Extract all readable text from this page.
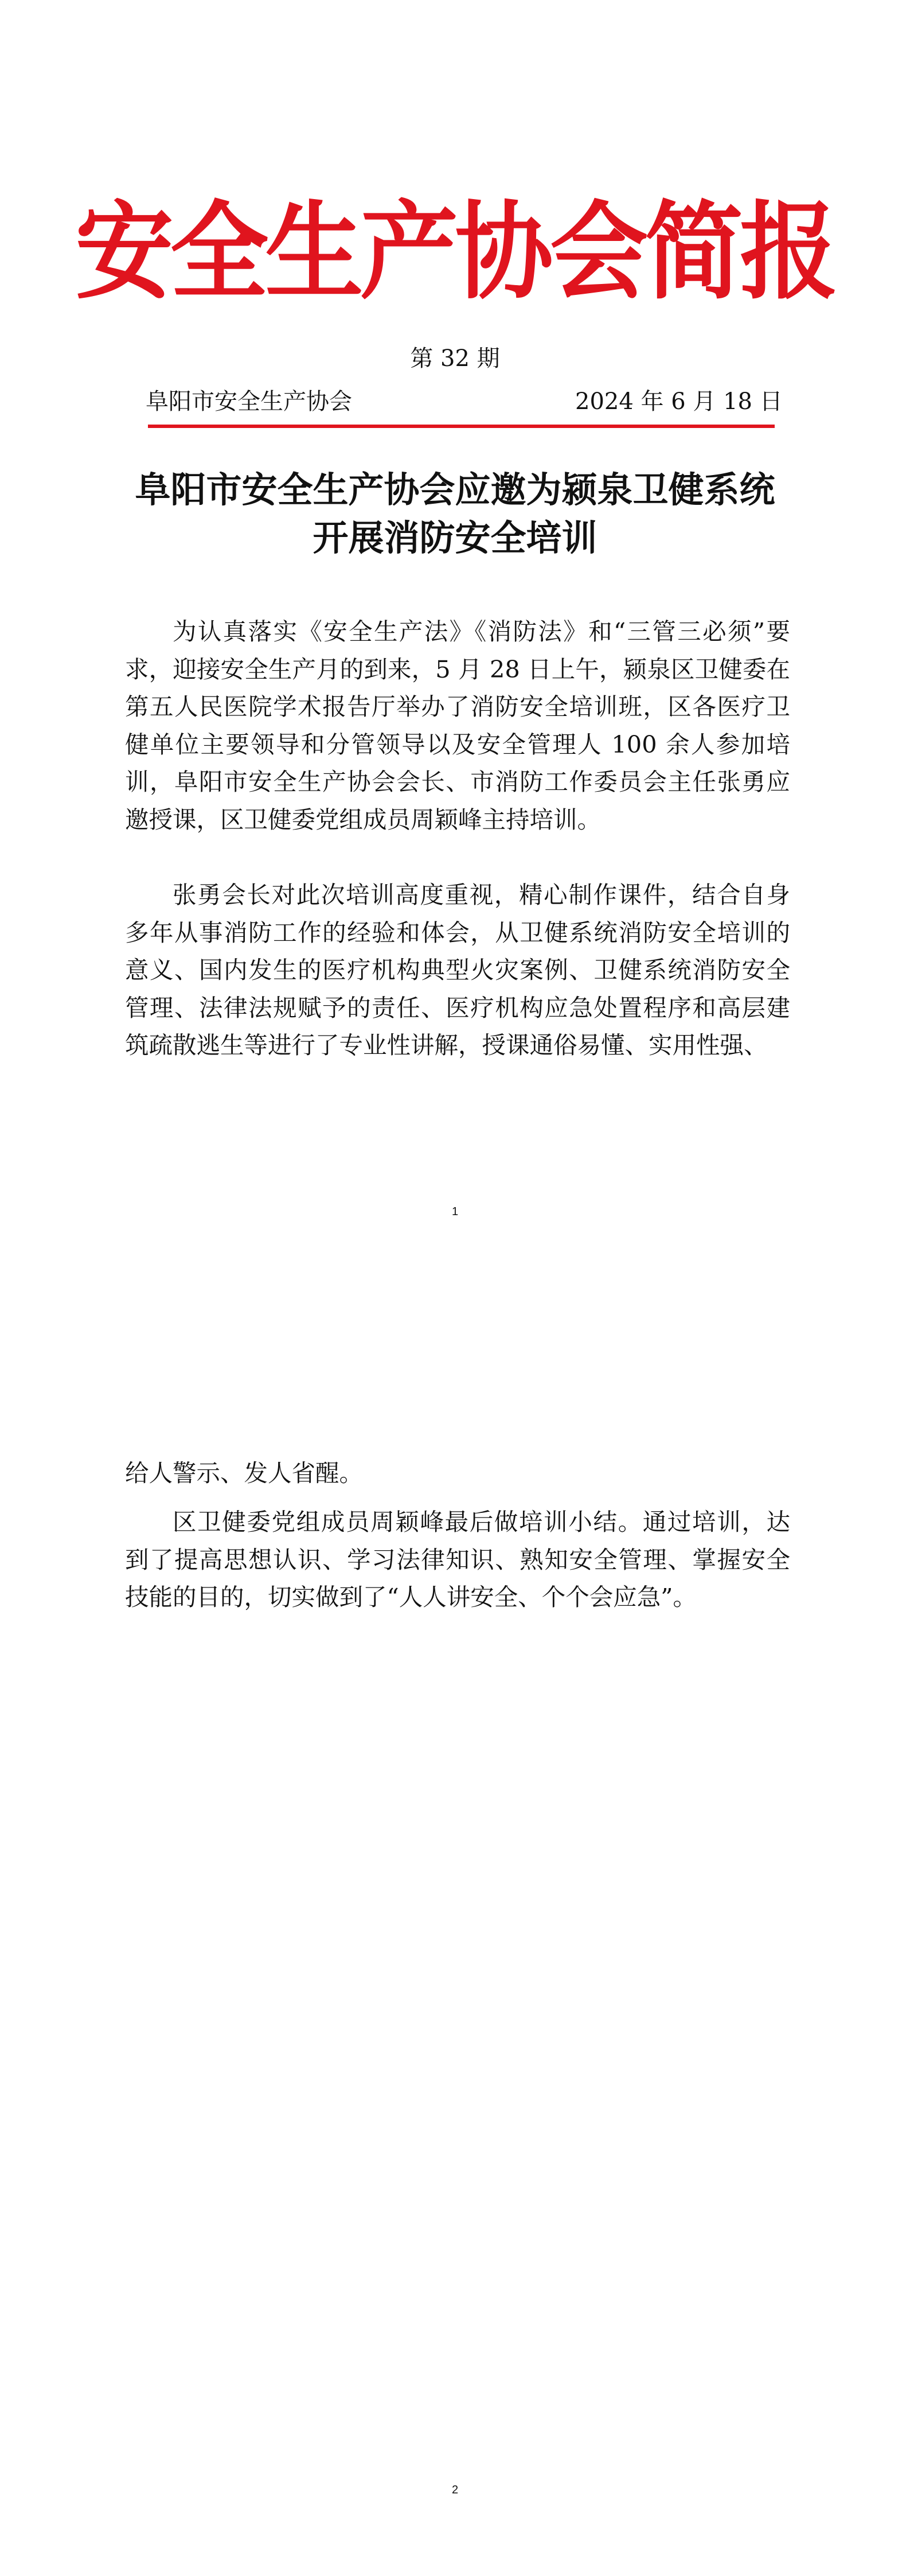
安全生产协会简报
第 32 期
阜阳市安全生产协会	2024 年 6 月 18 日
阜阳市安全生产协会应邀为颍泉卫健系统
开展消防安全培训

为认真落实《安全生产法》《消防法》和“三管三必须”要求，迎接安全生产月的到来，5 月 28 日上午，颍泉区卫健委在第五人民医院学术报告厅举办了消防安全培训班，区各医疗卫健单位主要领导和分管领导以及安全管理人 100 余人参加培训，阜阳市安全生产协会会长、市消防工作委员会主任张勇应邀授课，区卫健委党组成员周颖峰主持培训。

张勇会长对此次培训高度重视，精心制作课件，结合自身多年从事消防工作的经验和体会，从卫健系统消防安全培训的意义、国内发生的医疗机构典型火灾案例、卫健系统消防安全管理、法律法规赋予的责任、医疗机构应急处置程序和高层建筑疏散逃生等进行了专业性讲解，授课通俗易懂、实用性强、

1

给人警示、发人省醒。

区卫健委党组成员周颖峰最后做培训小结。通过培训，达到了提高思想认识、学习法律知识、熟知安全管理、掌握安全技能的目的，切实做到了“人人讲安全、个个会应急”。

2
